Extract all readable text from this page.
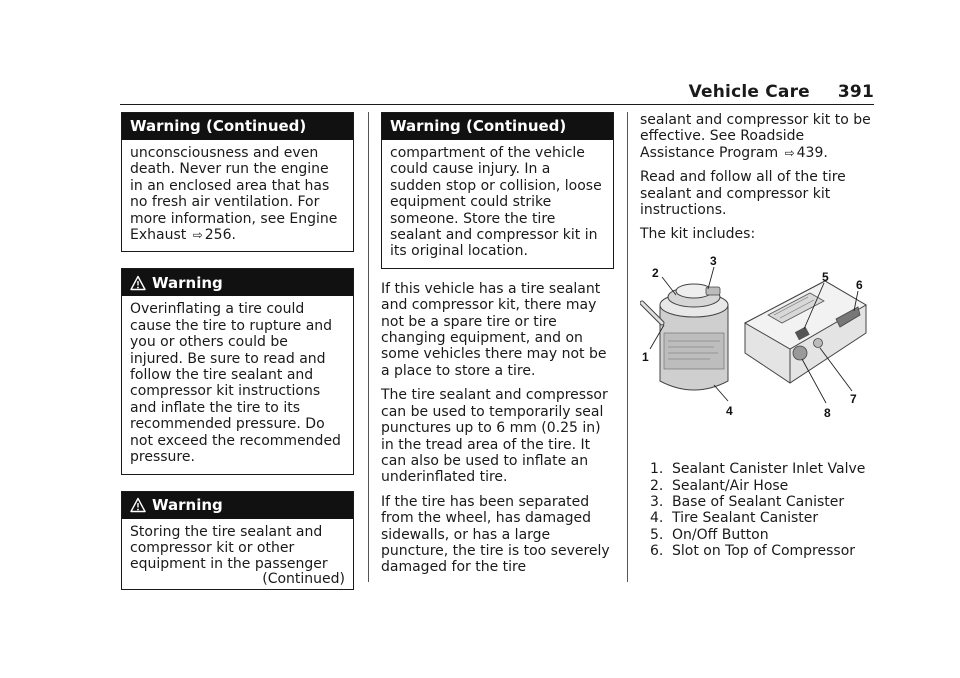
Vehicle Care 391
Warning (Continued)
unconsciousness and even death. Never run the engine in an enclosed area that has no fresh air ventilation. For more information, see Engine Exhaust ⇨ 256.
Warning
Overinflating a tire could cause the tire to rupture and you or others could be injured. Be sure to read and follow the tire sealant and compressor kit instructions and inflate the tire to its recommended pressure. Do not exceed the recommended pressure.
Warning
Storing the tire sealant and compressor kit or other equipment in the passenger
(Continued)
Warning (Continued)
compartment of the vehicle could cause injury. In a sudden stop or collision, loose equipment could strike someone. Store the tire sealant and compressor kit in its original location.

If this vehicle has a tire sealant and compressor kit, there may not be a spare tire or tire changing equipment, and on some vehicles there may not be a place to store a tire.

The tire sealant and compressor can be used to temporarily seal punctures up to 6 mm (0.25 in) in the tread area of the tire. It can also be used to inflate an underinflated tire.

If the tire has been separated from the wheel, has damaged sidewalls, or has a large puncture, the tire is too severely damaged for the tire

sealant and compressor kit to be effective. See Roadside Assistance Program ⇨ 439.

Read and follow all of the tire sealant and compressor kit instructions.

The kit includes:

2
3
1
4
5
6
7
8
1. Sealant Canister Inlet Valve
2. Sealant/Air Hose
3. Base of Sealant Canister
4. Tire Sealant Canister
5. On/Off Button
6. Slot on Top of Compressor
